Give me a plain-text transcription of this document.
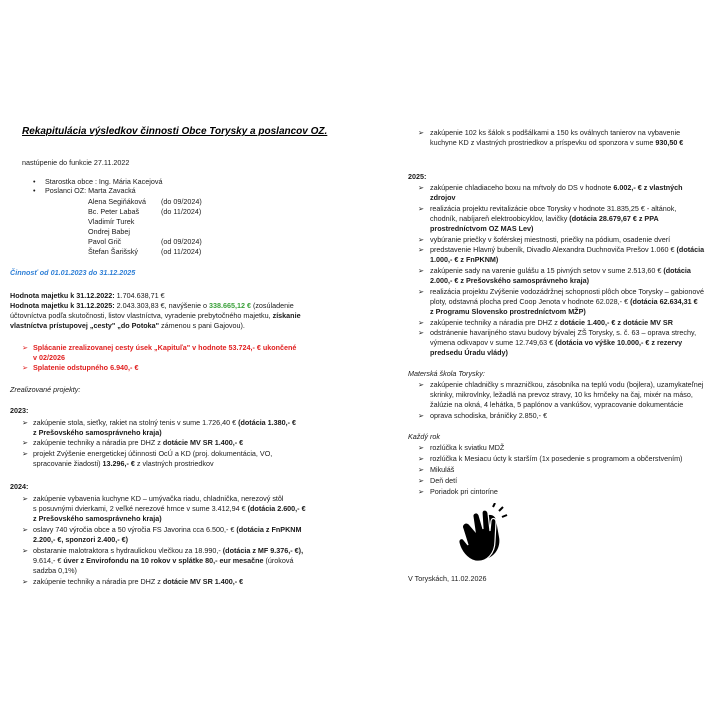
Rekapitulácia výsledkov činnosti Obce Torysky a poslancov OZ.
nastúpenie do funkcie 27.11.2022
• Starostka obce : Ing. Mária Kacejová
• Poslanci OZ: Marta Zavacká
Alena Segiňáková (do 09/2024)
Bc. Peter Labaš	(do 11/2024)
Vladimír Turek
Ondrej Babej
Pavol Grič	(od 09/2024)
Štefan Šarišský	(od 11/2024)
Činnosť od 01.01.2023 do 31.12.2025
Hodnota majetku k 31.12.2022: 1.704.638,71 €
Hodnota majetku k 31.12.2025: 2.043.303,83 €, navýšenie o 338.665,12 € (zosúladenie
účtovníctva podľa skutočnosti, listov vlastníctva, vyradenie prebytočného majetku, získanie
vlastníctva prístupovej „cesty" „do Potoka" zámenou s pani Gajovou).
➢ Splácanie zrealizovanej cesty úsek „Kapituľa" v hodnote 53.724,- € ukončené
v 02/2026
➢ Splatenie odstupného 6.940,- €
Zrealizované projekty:
2023:
➢ zakúpenie stola, sieťky, rakiet na stolný tenis v sume 1.726,40 € (dotácia 1.380,- €
z Prešovského samosprávneho kraja)
➢ zakúpenie techniky a náradia pre DHZ z dotácie MV SR 1.400,- €
➢ projekt Zvýšenie energetickej účinnosti OcÚ a KD (proj. dokumentácia, VO,
spracovanie žiadosti) 13.296,- € z vlastných prostriedkov
2024:
➢ zakúpenie vybavenia kuchyne KD – umývačka riadu, chladnička, nerezový stôl
s posuvnými dvierkami, 2 veľké nerezové hrnce v sume 3.412,94 € (dotácia 2.600,- €
z Prešovského samosprávneho kraja)
➢ oslavy 740 výročia obce a 50 výročia FS Javorina cca 6.500,- € (dotácia z FnPKNM
2.200,- €, sponzori 2.400,- €)
➢ obstaranie malotraktora s hydraulickou vlečkou za 18.990,- (dotácia z MF 9.376,- €),
9.614,- € úver z Envirofondu na 10 rokov v splátke 80,- eur mesačne (úroková
sadzba 0,1%)
➢ zakúpenie techniky a náradia pre DHZ z dotácie MV SR 1.400,- €
➢ zakúpenie 102 ks šálok s podšálkami a 150 ks oválnych tanierov na vybavenie
kuchyne KD z vlastných prostriedkov a príspevku od sponzora v sume 930,50 €
2025:
➢ zakúpenie chladiaceho boxu na mŕtvoly do DS v hodnote 6.002,- € z vlastných
zdrojov
➢ realizácia projektu revitalizácie obce Torysky v hodnote 31.835,25 € - altánok,
chodník, nabíjareň elektroobicyklov, lavičky (dotácia 28.679,67 € z PPA
prostredníctvom OZ MAS Lev)
➢ vybúranie priečky v šoférskej miestnosti, priečky na pódium, osadenie dverí
➢ predstavenie Hlavný bubeník, Divadlo Alexandra Duchnoviča Prešov 1.060 € (dotácia
1.000,- € z FnPKNM)
➢ zakúpenie sady na varenie gulášu a 15 pivných setov v sume 2.513,60 € (dotácia
2.000,- € z Prešovského samosprávneho kraja)
➢ realizácia projektu Zvýšenie vodozádržnej schopnosti plôch obce Torysky – gabionové
ploty, odstavná plocha pred Coop Jenota v hodnote 62.028,- € (dotácia 62.634,31 €
z Programu Slovensko prostredníctvom MŽP)
➢ zakúpenie techniky a náradia pre DHZ z dotácie 1.400,- € z dotácie MV SR
➢ odstránenie havarijného stavu budovy bývalej ZŠ Torysky, s. č. 63 – oprava strechy,
výmena odkvapov v sume 12.749,63 € (dotácia vo výške 10.000,- € z rezervy
predsedu Úradu vlády)
Materská škola Torysky:
➢ zakúpenie chladničky s mrazničkou, zásobníka na teplú vodu (bojlera), uzamykateľnej
skrinky, mikrovlnky, ležadlá na prevoz stravy, 10 ks hrnčeky na čaj, mixér na máso,
žalúzie na okná, 4 lehátka, 5 paplónov a vankúšov, vypracovanie dokumentácie
➢ oprava schodiska, bráničky 2.850,- €
Každý rok
➢ rozlúčka k sviatku MDŽ
➢ rozlúčka k Mesiacu úcty k starším (1x posedenie s programom a občerstvením)
➢ Mikuláš
➢ Deň detí
➢ Poriadok pri cintoríne
V Toryskách, 11.02.2026
